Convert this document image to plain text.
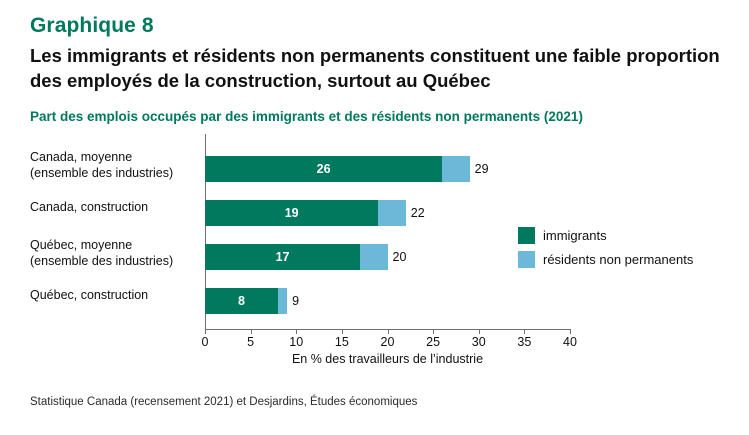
Graphique 8
Les immigrants et résidents non permanents constituent une faible proportion des employés de la construction, surtout au Québec
Part des emplois occupés par des immigrants et des résidents non permanents (2021)
Canada, moyenne
(ensemble des industries)
Canada, construction
Québec, moyenne
(ensemble des industries)
Québec, construction
0	5	10	15	20	25	30	35	40
26	29
19	22
17	20
8	9
En % des travailleurs de l’industrie
immigrants
résidents non permanents
Statistique Canada (recensement 2021) et Desjardins, Études économiques
